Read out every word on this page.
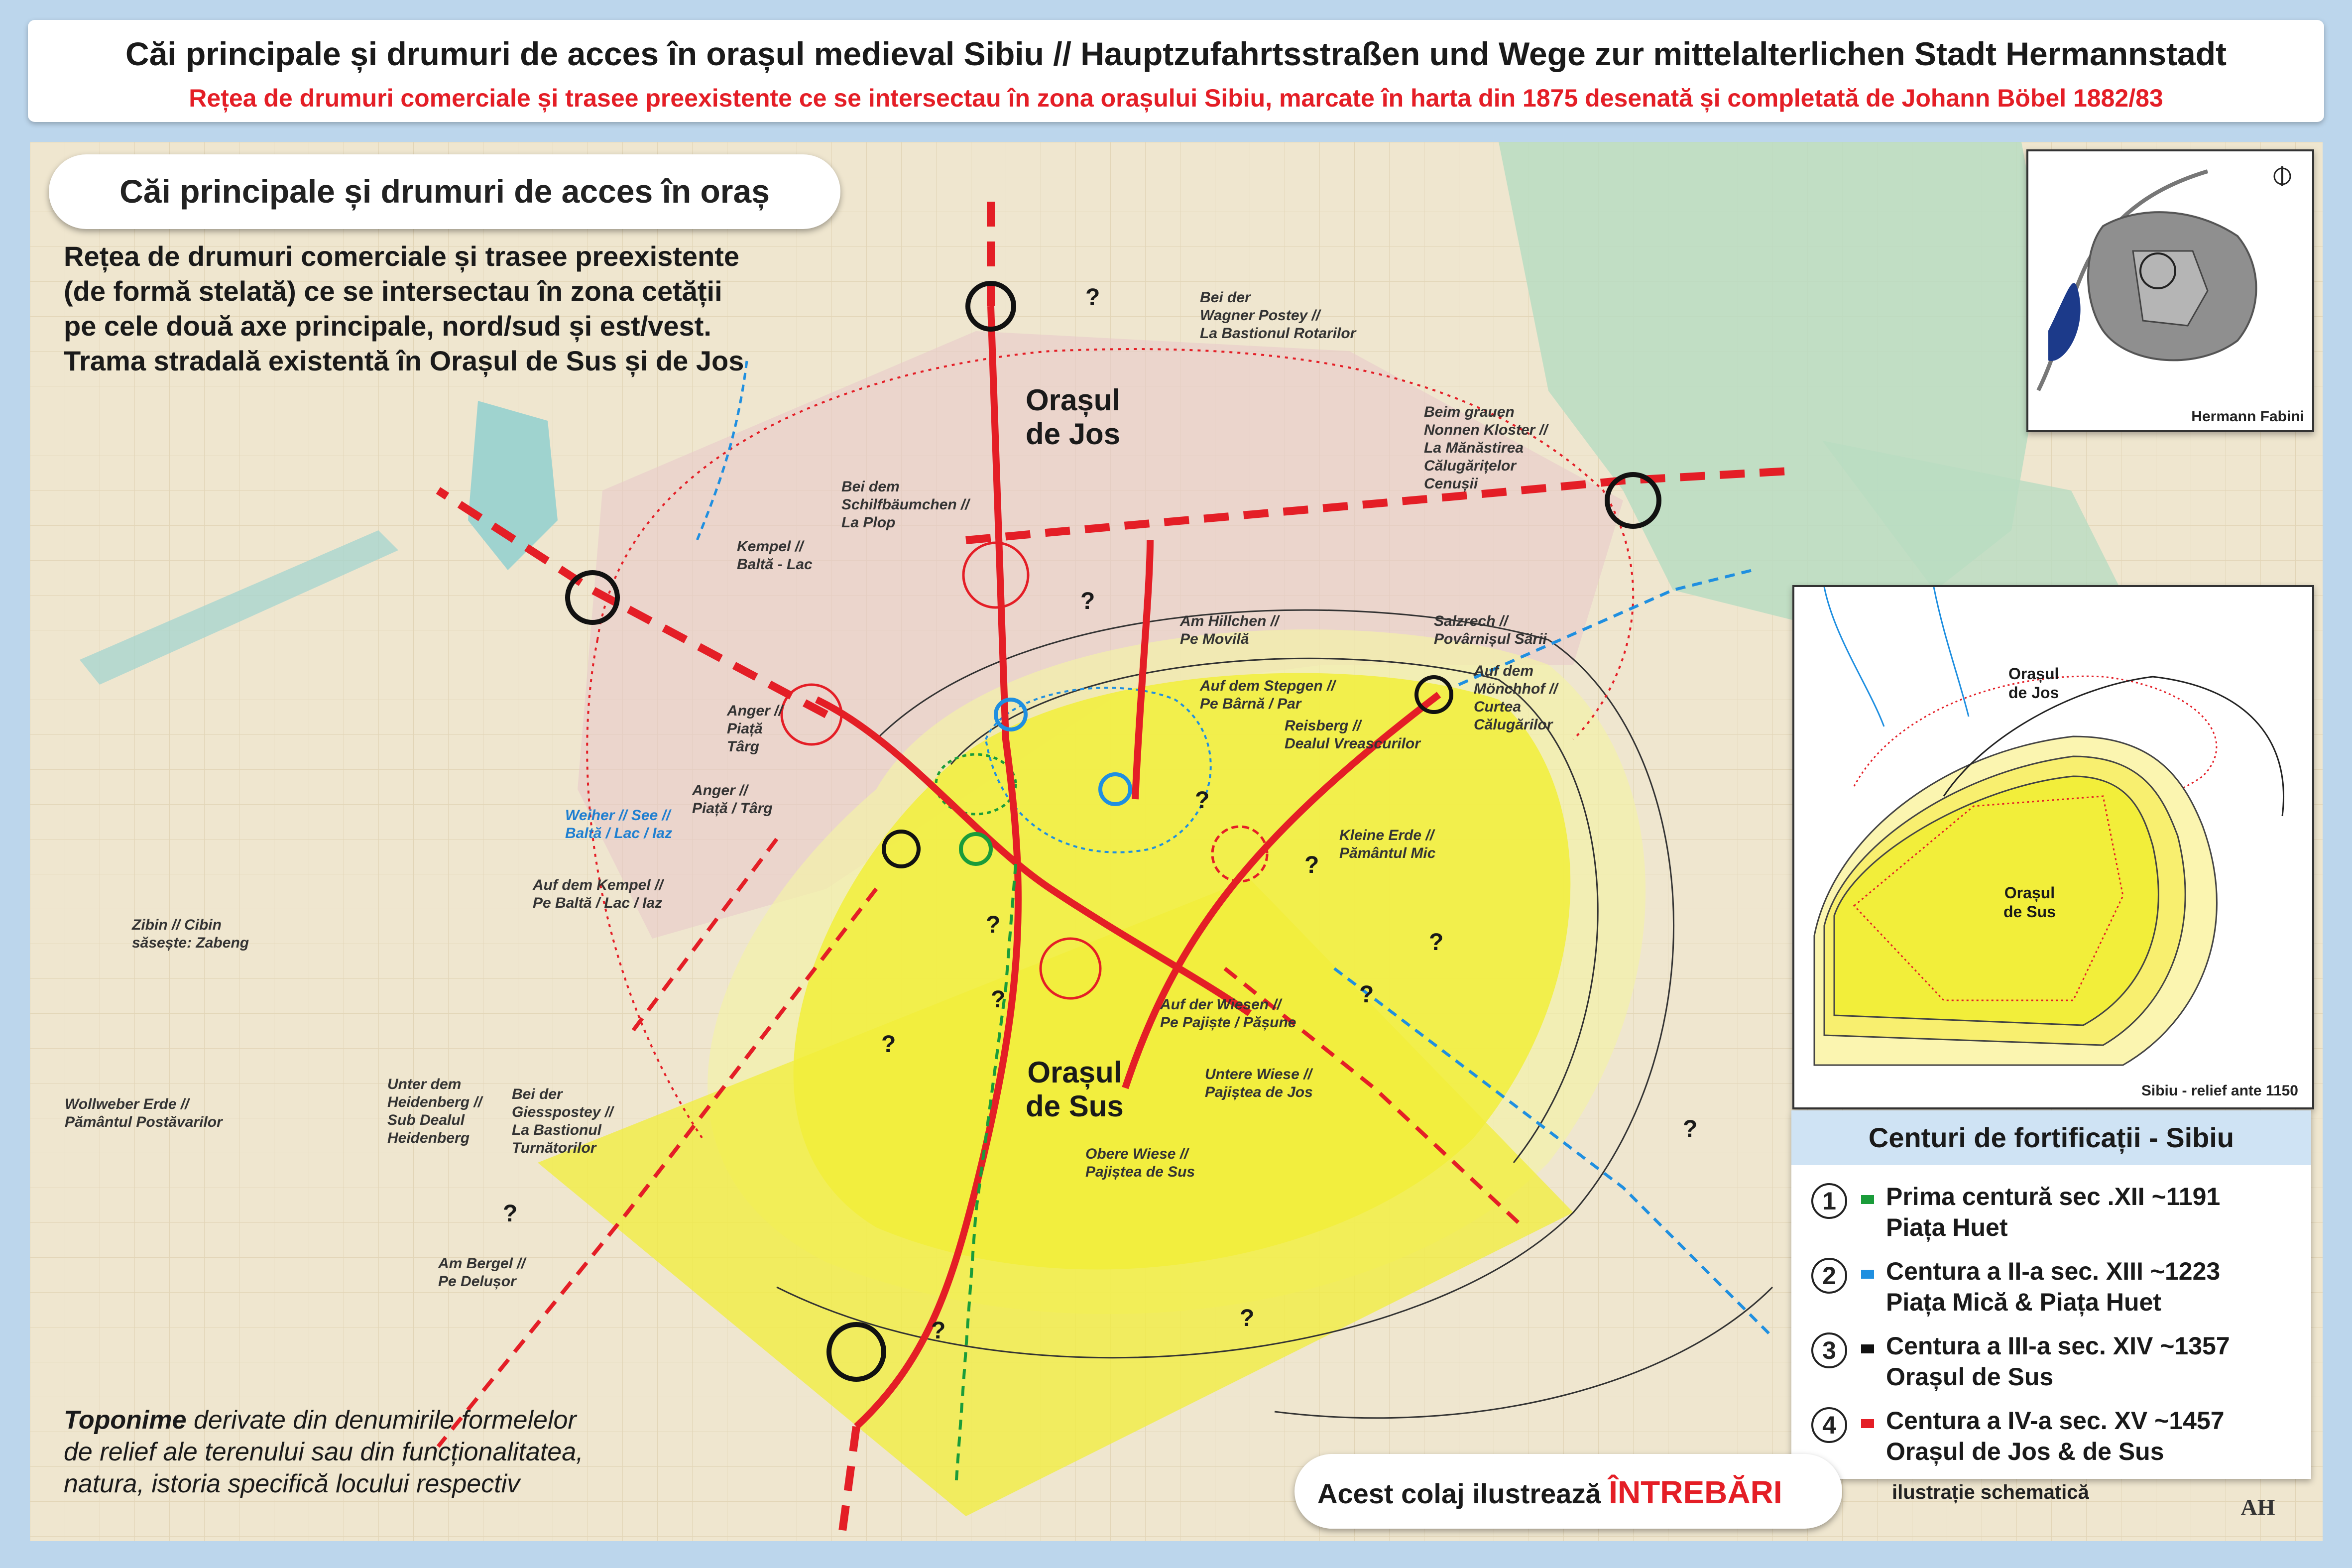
Căi principale și drumuri de acces în orașul medieval Sibiu // Hauptzufahrtsstraßen und Wege zur mittelalterlichen Stadt Hermannstadt
Rețea de drumuri comerciale și trasee preexistente ce se intersectau în zona orașului Sibiu, marcate în harta din 1875 desenată și completată de Johann Böbel 1882/83
Căi principale și drumuri de acces în oraș
Rețea de drumuri comerciale și trasee preexistente
(de formă stelată) ce se intersectau în zona cetății
pe cele două axe principale, nord/sud și est/vest.
Trama stradală existentă în Orașul de Sus și de Jos
Toponime derivate din denumirile formelelor
de relief ale terenului sau din funcționalitatea,
natura, istoria specifică locului respectiv
Orașul
de Jos
Orașul
de Sus
Bei der
Wagner Postey //
La Bastionul Rotarilor
Beim grauen
Nonnen Kloster //
La Mănăstirea
Călugărițelor
Cenușii
Bei dem
Schilfbäumchen //
La Plop
Kempel //
Baltă - Lac
Am Hillchen //
Pe Movilă
Salzrech //
Povârnișul Sării
Auf dem Stepgen //
Pe Bârnă / Par
Auf dem
Mönchhof //
Curtea
Călugărilor
Reisberg //
Dealul Vreascurilor
Anger //
Piață
Târg
Anger //
Piață / Târg
Kleine Erde //
Pământul Mic
Auf dem Kempel //
Pe Baltă / Lac / Iaz
Zibin // Cibin
săsește: Zabeng
Auf der Wiesen //
Pe Pajiște / Pășune
Untere Wiese //
Pajiștea de Jos
Unter dem
Heidenberg //
Sub Dealul
Heidenberg
Wollweber Erde //
Pământul Postăvarilor
Bei der
Giesspostey //
La Bastionul
Turnătorilor	Obere Wiese //
Pajiștea de Sus
Am Bergel //
Pe Delușor
Weiher // See //
Baltă / Lac / Iaz
?
?
?
?
?
?
?	?
?
?
?
?
?
Hermann Fabini
Orașul
de Jos
Orașul
de Sus
Sibiu - relief ante 1150
Centuri de fortificații - Sibiu
1	Prima centură sec .XII ~1191
Piața Huet
2	Centura a II-a sec. XIII ~1223
Piața Mică & Piața Huet
3	Centura a III-a sec. XIV ~1357
Orașul de Sus
4	Centura a IV-a sec. XV ~1457
Orașul de Jos & de Sus
Acest colaj ilustrează ÎNTREBĂRI	ilustrație schematică
AH
